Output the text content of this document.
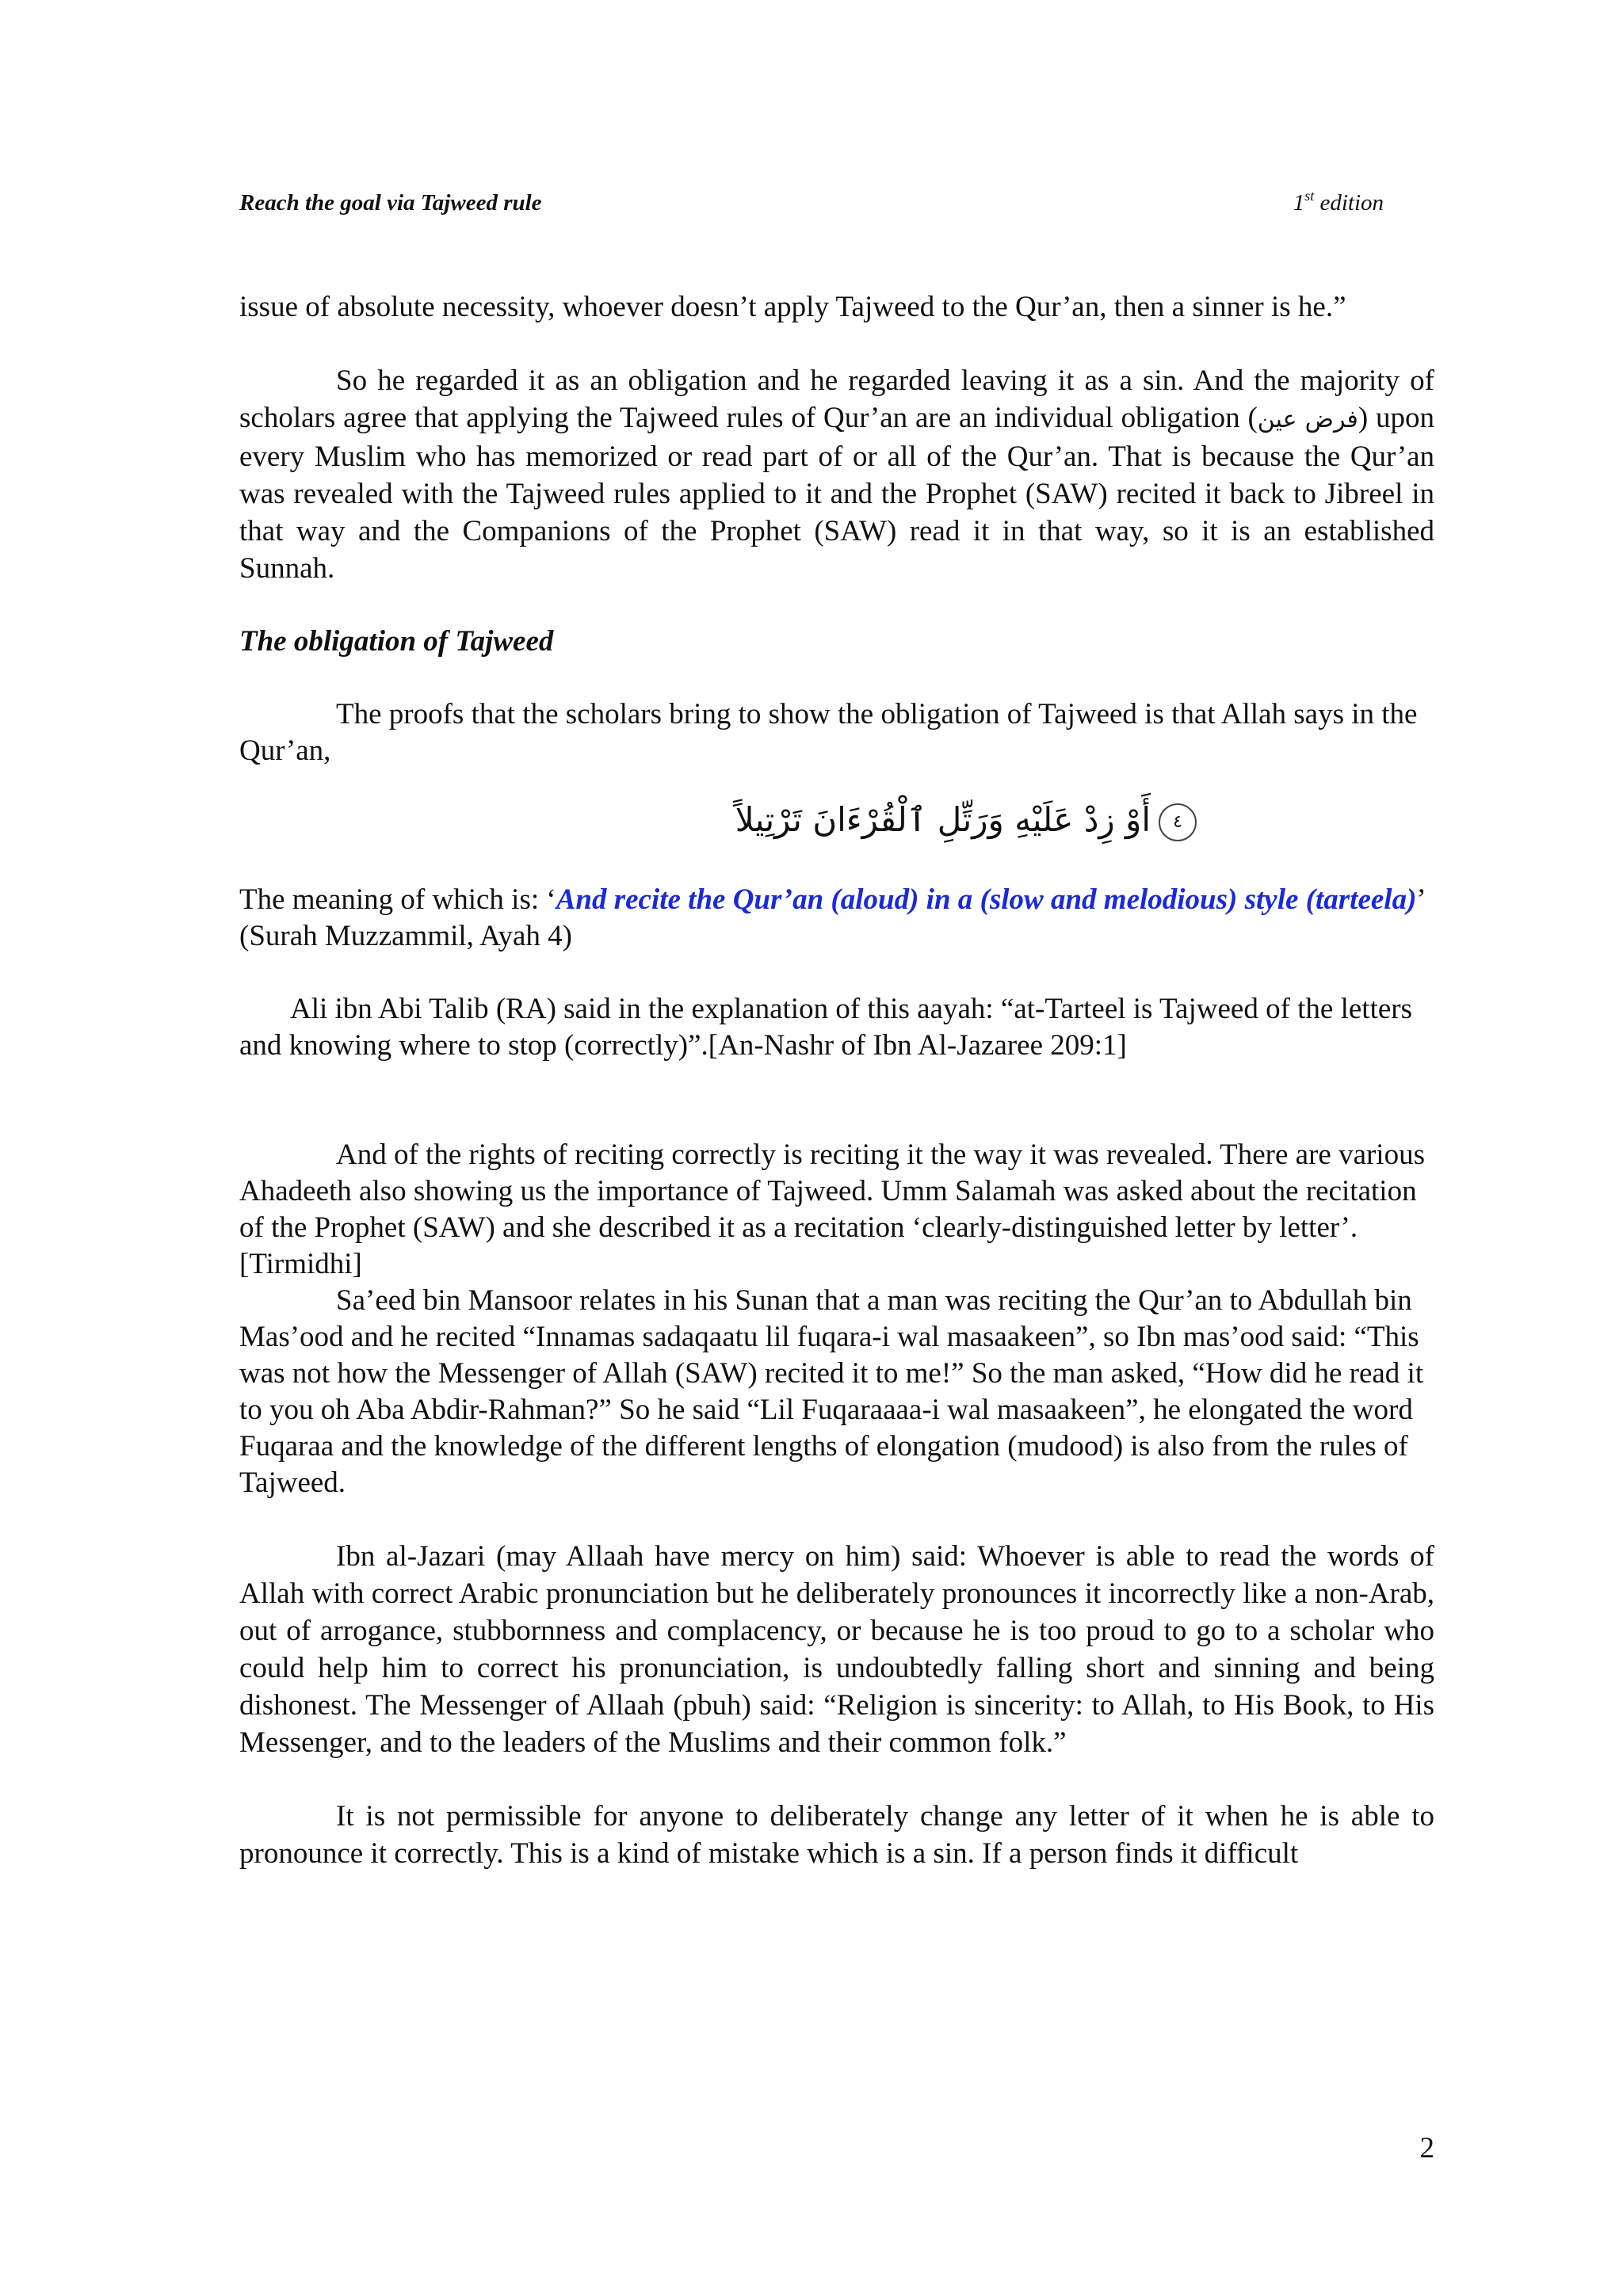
Reach the goal via Tajweed rule	1st edition

issue of absolute necessity, whoever doesn’t apply Tajweed to the Qur’an, then a sinner is he.”

So he regarded it as an obligation and he regarded leaving it as a sin. And the majority of scholars agree that applying the Tajweed rules of Qur’an are an individual obligation (فرض عين) upon every Muslim who has memorized or read part of or all of the Qur’an. That is because the Qur’an was revealed with the Tajweed rules applied to it and the Prophet (SAW) recited it back to Jibreel in that way and the Companions of the Prophet (SAW) read it in that way, so it is an established Sunnah.

The obligation of Tajweed

The proofs that the scholars bring to show the obligation of Tajweed is that Allah says in the Qur’an,

أَوْ زِدْ عَلَيْهِ وَرَتِّلِ ٱلْقُرْءَانَ تَرْتِيلاً ٤

The meaning of which is: ‘And recite the Qur’an (aloud) in a (slow and melodious) style (tarteela)’ (Surah Muzzammil, Ayah 4)

Ali ibn Abi Talib (RA) said in the explanation of this aayah: “at-Tarteel is Tajweed of the letters and knowing where to stop (correctly)”.[An-Nashr of Ibn Al-Jazaree 209:1]

And of the rights of reciting correctly is reciting it the way it was revealed. There are various Ahadeeth also showing us the importance of Tajweed. Umm Salamah was asked about the recitation of the Prophet (SAW) and she described it as a recitation ‘clearly-distinguished letter by letter’.[Tirmidhi]

Sa’eed bin Mansoor relates in his Sunan that a man was reciting the Qur’an to Abdullah bin Mas’ood and he recited “Innamas sadaqaatu lil fuqara-i wal masaakeen”, so Ibn mas’ood said: “This was not how the Messenger of Allah (SAW) recited it to me!” So the man asked, “How did he read it to you oh Aba Abdir-Rahman?” So he said “Lil Fuqaraaaa-i wal masaakeen”, he elongated the word Fuqaraa and the knowledge of the different lengths of elongation (mudood) is also from the rules of Tajweed.

Ibn al-Jazari (may Allaah have mercy on him) said: Whoever is able to read the words of Allah with correct Arabic pronunciation but he deliberately pronounces it incorrectly like a non-Arab, out of arrogance, stubbornness and complacency, or because he is too proud to go to a scholar who could help him to correct his pronunciation, is undoubtedly falling short and sinning and being dishonest. The Messenger of Allaah (pbuh) said: “Religion is sincerity: to Allah, to His Book, to His Messenger, and to the leaders of the Muslims and their common folk.”

It is not permissible for anyone to deliberately change any letter of it when he is able to pronounce it correctly. This is a kind of mistake which is a sin. If a person finds it difficult

2
